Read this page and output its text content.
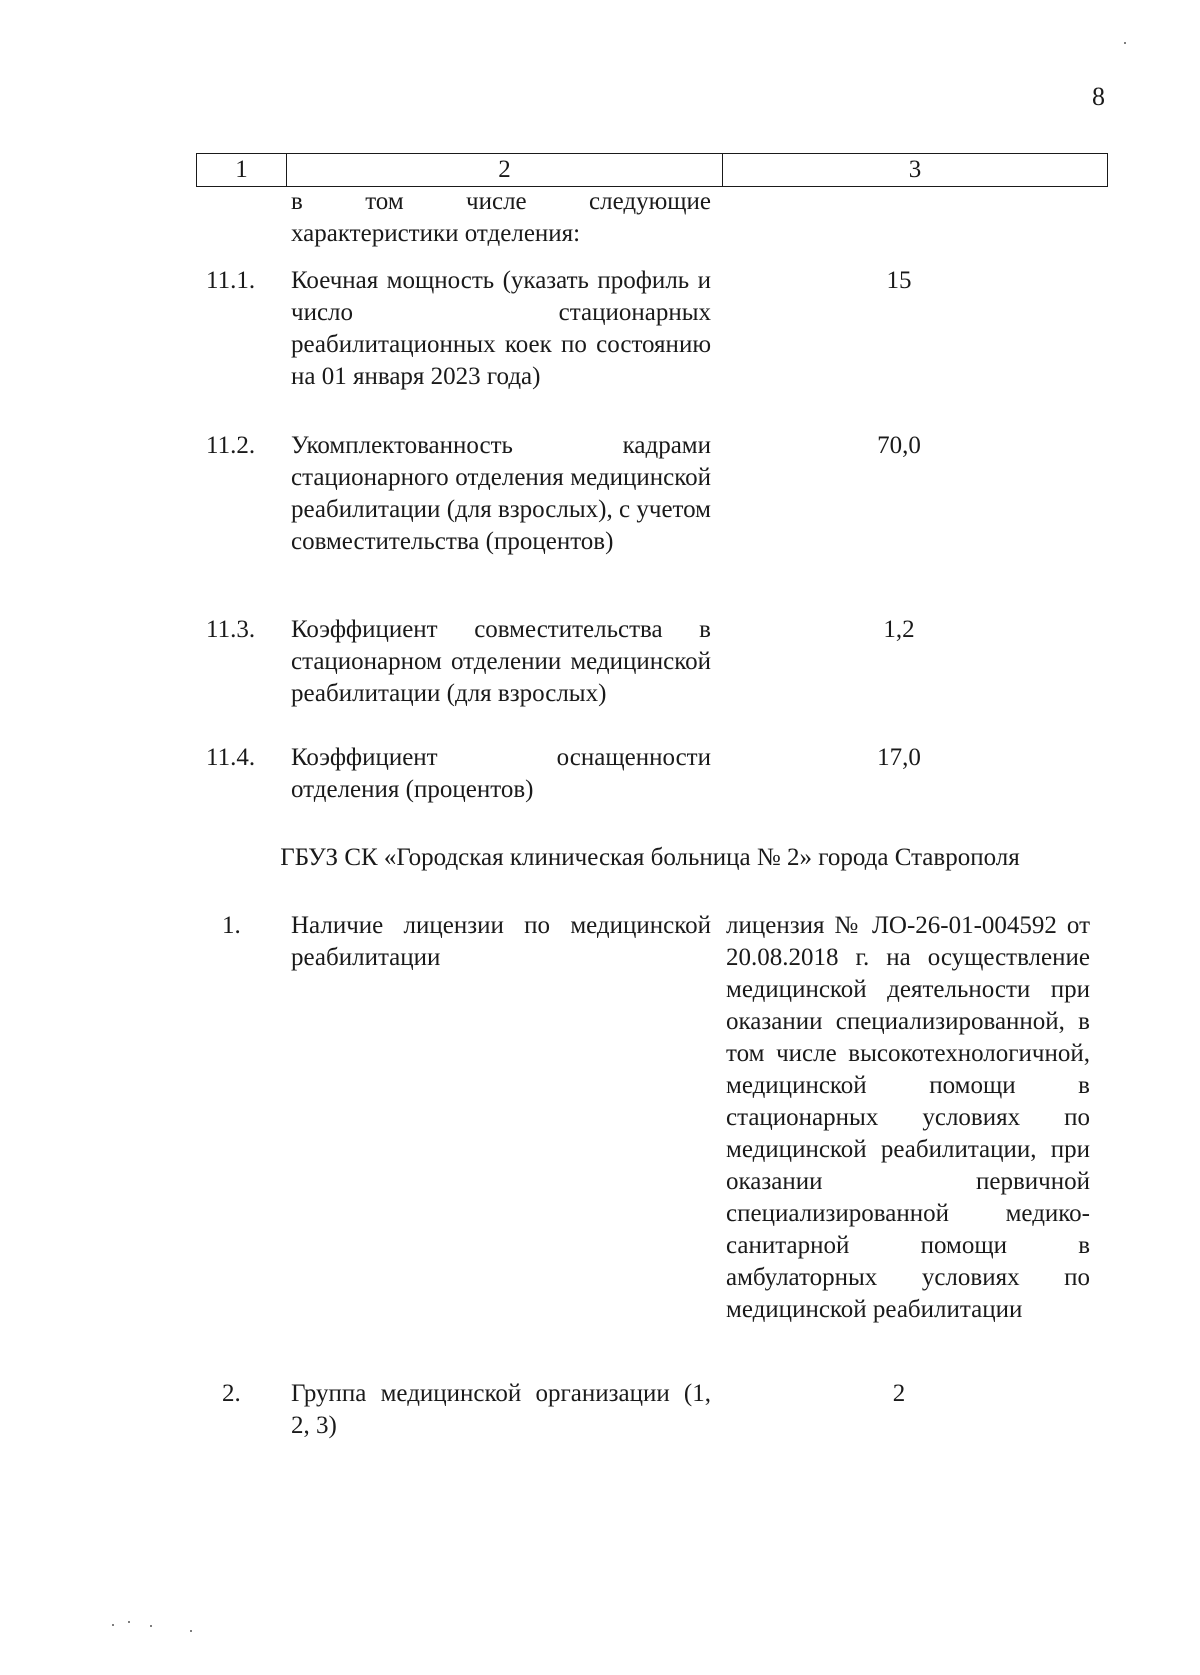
8
1	2	3
в том числе следующие характеристики отделения:
11.1. Коечная мощность (указать профиль и число стационарных реабилитационных коек по состоянию на 01 января 2023 года)
15
11.2. Укомплектованность кадрами стационарного отделения медицинской реабилитации (для взрослых), с учетом совместительства (процентов)
70,0
11.3. Коэффициент совместительства в стационарном отделении медицинской реабилитации (для взрослых)
1,2
11.4. Коэффициент оснащенности отделения (процентов)
17,0
ГБУЗ СК «Городская клиническая больница № 2» города Ставрополя
1. Наличие лицензии по медицинской реабилитации
лицензия № ЛО-26-01-004592 от 20.08.2018 г. на осуществление медицинской деятельности при оказании специализированной, в том числе высокотехнологичной, медицинской помощи в стационарных условиях по медицинской реабилитации, при оказании первичной специализированной медико-санитарной помощи в амбулаторных условиях по медицинской реабилитации
2. Группа медицинской организации (1, 2, 3)
2
